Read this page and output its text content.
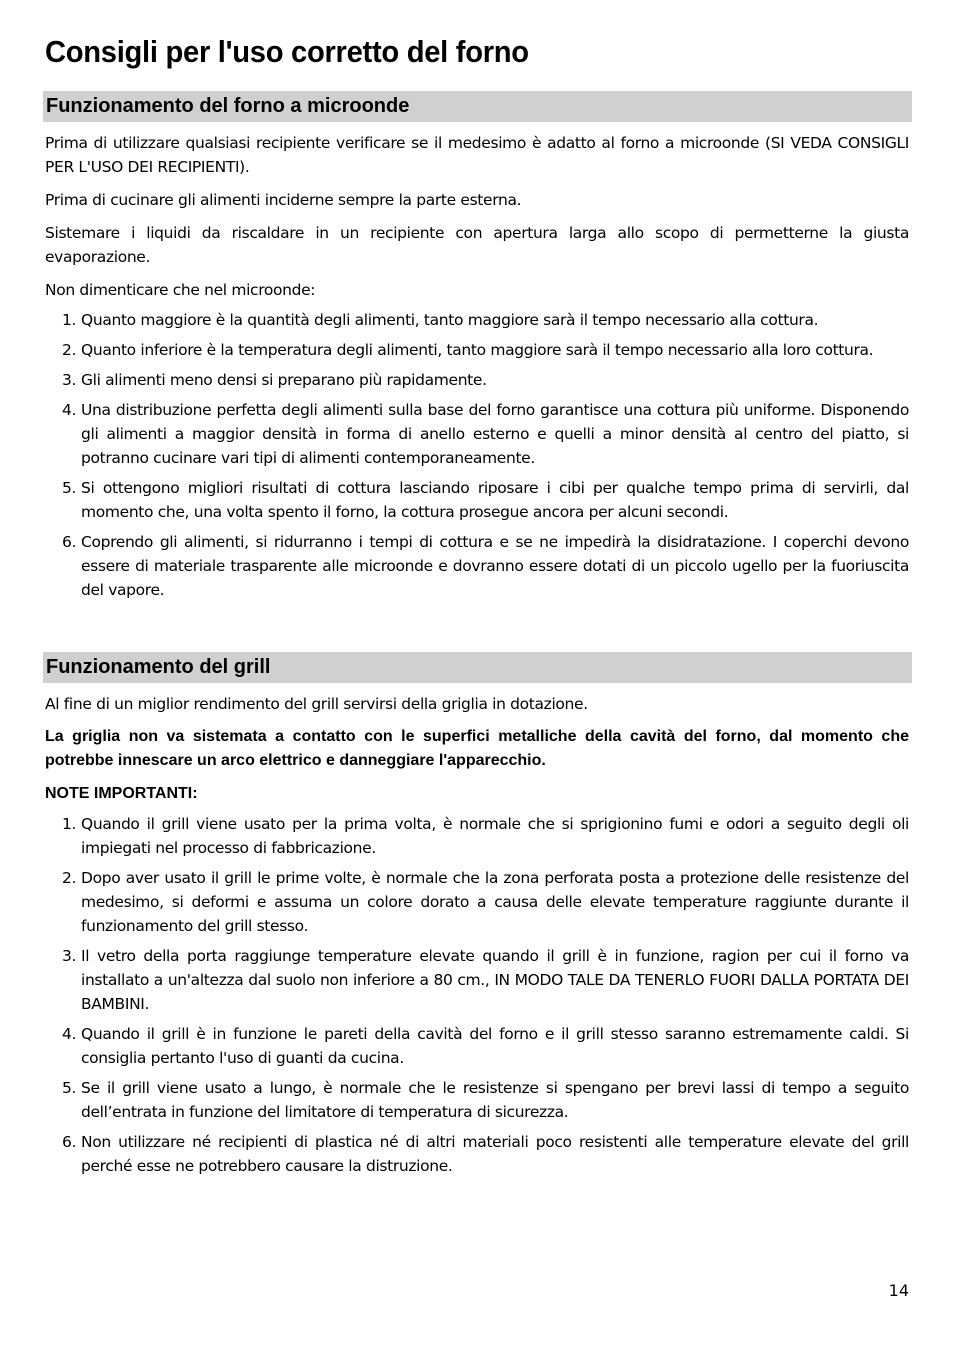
Consigli per l'uso corretto del forno
Funzionamento del forno a microonde

Prima di utilizzare qualsiasi recipiente verificare se il medesimo è adatto al forno a microonde (SI VEDA CONSIGLI PER L'USO DEI RECIPIENTI).

Prima di cucinare gli alimenti inciderne sempre la parte esterna.

Sistemare i liquidi da riscaldare in un recipiente con apertura larga allo scopo di permetterne la giusta evaporazione.

Non dimenticare che nel microonde:

1. Quanto maggiore è la quantità degli alimenti, tanto maggiore sarà il tempo necessario alla cottura.
2. Quanto inferiore è la temperatura degli alimenti, tanto maggiore sarà il tempo necessario alla loro cottura.
3. Gli alimenti meno densi si preparano più rapidamente.
4. Una distribuzione perfetta degli alimenti sulla base del forno garantisce una cottura più uniforme. Disponendo gli alimenti a maggior densità in forma di anello esterno e quelli a minor densità al centro del piatto, si potranno cucinare vari tipi di alimenti contemporaneamente.
5. Si ottengono migliori risultati di cottura lasciando riposare i cibi per qualche tempo prima di servirli, dal momento che, una volta spento il forno, la cottura prosegue ancora per alcuni secondi.
6. Coprendo gli alimenti, si ridurranno i tempi di cottura e se ne impedirà la disidratazione. I coperchi devono essere di materiale trasparente alle microonde e dovranno essere dotati di un piccolo ugello per la fuoriuscita del vapore.
Funzionamento del grill

Al fine di un miglior rendimento del grill servirsi della griglia in dotazione.

La griglia non va sistemata a contatto con le superfici metalliche della cavità del forno, dal momento che potrebbe innescare un arco elettrico e danneggiare l'apparecchio.

NOTE IMPORTANTI:

1. Quando il grill viene usato per la prima volta, è normale che si sprigionino fumi e odori a seguito degli oli impiegati nel processo di fabbricazione.
2. Dopo aver usato il grill le prime volte, è normale che la zona perforata posta a protezione delle resistenze del medesimo, si deformi e assuma un colore dorato a causa delle elevate temperature raggiunte durante il funzionamento del grill stesso.
3. Il vetro della porta raggiunge temperature elevate quando il grill è in funzione, ragion per cui il forno va installato a un'altezza dal suolo non inferiore a 80 cm., IN MODO TALE DA TENERLO FUORI DALLA PORTATA DEI BAMBINI.
4. Quando il grill è in funzione le pareti della cavità del forno e il grill stesso saranno estremamente caldi. Si consiglia pertanto l'uso di guanti da cucina.
5. Se il grill viene usato a lungo, è normale che le resistenze si spengano per brevi lassi di tempo a seguito dell’entrata in funzione del limitatore di temperatura di sicurezza.
6. Non utilizzare né recipienti di plastica né di altri materiali poco resistenti alle temperature elevate del grill perché esse ne potrebbero causare la distruzione.
14
